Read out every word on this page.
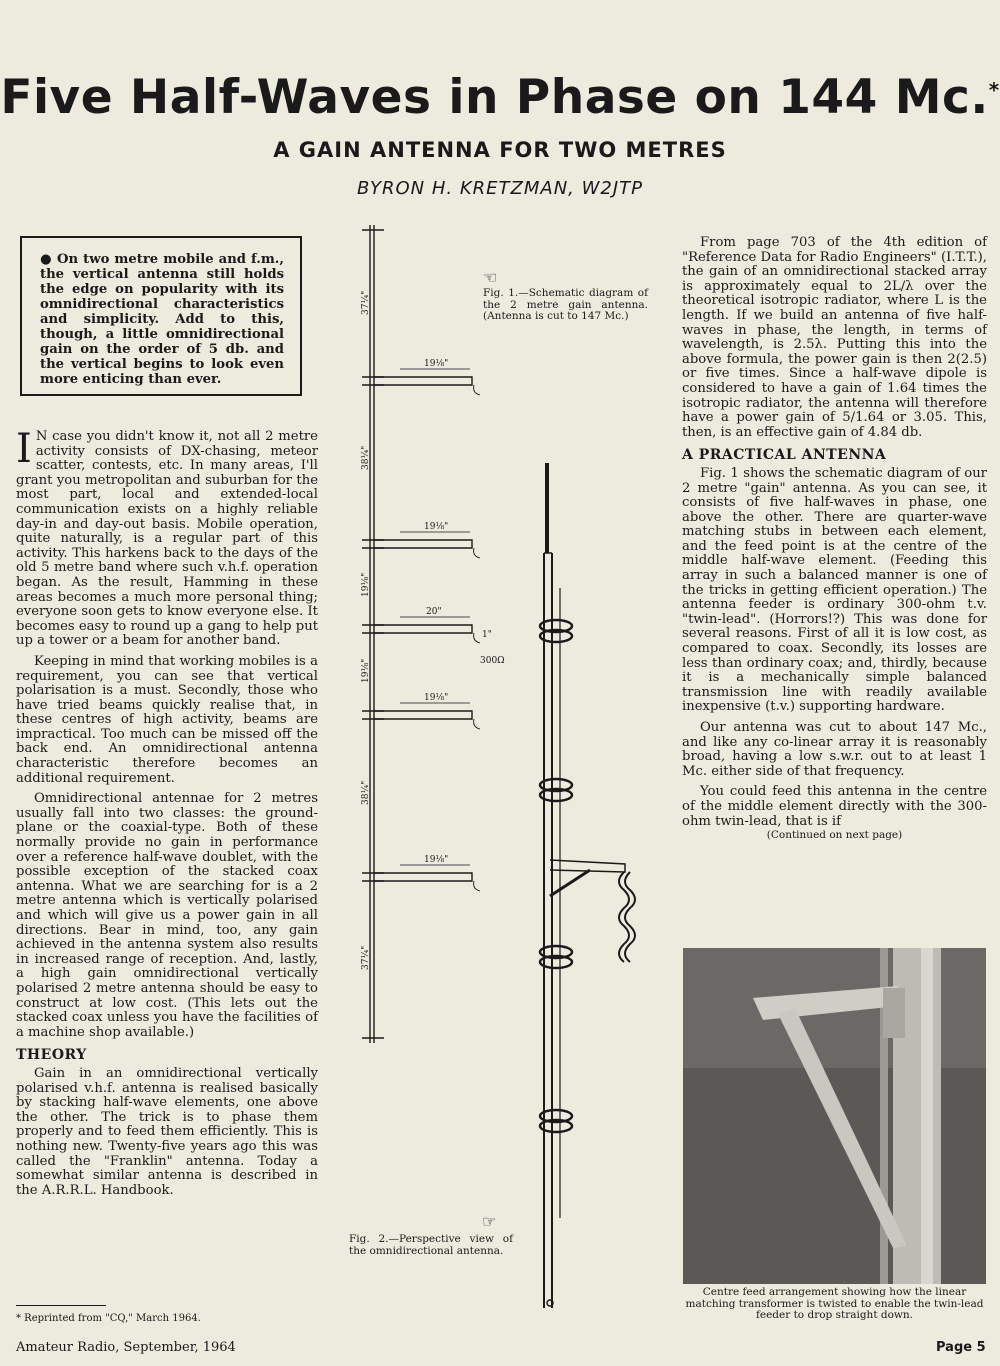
Five Half-Waves in Phase on 144 Mc.*
A GAIN ANTENNA FOR TWO METRES
BYRON H. KRETZMAN, W2JTP
● On two metre mobile and f.m., the vertical antenna still holds the edge on popularity with its omnidirectional characteristics and simplicity. Add to this, though, a little omnidirectional gain on the order of 5 db. and the vertical begins to look even more enticing than ever.

I N case you didn't know it, not all 2 metre activity consists of DX-chasing, meteor scatter, contests, etc. In many areas, I'll grant you metropolitan and suburban for the most part, local and extended-local communication exists on a highly reliable day-in and day-out basis. Mobile operation, quite naturally, is a regular part of this activity. This harkens back to the days of the old 5 metre band where such v.h.f. operation began. As the result, Hamming in these areas becomes a much more personal thing; everyone soon gets to know everyone else. It becomes easy to round up a gang to help put up a tower or a beam for another band.

Keeping in mind that working mobiles is a requirement, you can see that vertical polarisation is a must. Secondly, those who have tried beams quickly realise that, in these centres of high activity, beams are impractical. Too much can be missed off the back end. An omnidirectional antenna characteristic therefore becomes an additional requirement.

Omnidirectional antennae for 2 metres usually fall into two classes: the ground-plane or the coaxial-type. Both of these normally provide no gain in performance over a reference half-wave doublet, with the possible exception of the stacked coax antenna. What we are searching for is a 2 metre antenna which is vertically polarised and which will give us a power gain in all directions. Bear in mind, too, any gain achieved in the antenna system also results in increased range of reception. And, lastly, a high gain omnidirectional vertically polarised 2 metre antenna should be easy to construct at low cost. (This lets out the stacked coax unless you have the facilities of a machine shop available.)

THEORY

Gain in an omnidirectional vertically polarised v.h.f. antenna is realised basically by stacking half-wave elements, one above the other. The trick is to phase them properly and to feed them efficiently. This is nothing new. Twenty-five years ago this was called the "Franklin" antenna. Today a somewhat similar antenna is described in the A.R.R.L. Handbook.

* Reprinted from "CQ," March 1964.
37¼"
38¼"
19⅛"
19⅛"
38¼"
37¼"
19⅛"
19⅛"
20"
19⅛"
19⅛"
1"
300Ω
☜
Fig. 1.—Schematic diagram of the 2 metre gain antenna. (Antenna is cut to 147 Mc.)
☞
Fig. 2.—Perspective view of the omnidirectional antenna.

From page 703 of the 4th edition of "Reference Data for Radio Engineers" (I.T.T.), the gain of an omnidirectional stacked array is approximately equal to 2L/λ over the theoretical isotropic radiator, where L is the length. If we build an antenna of five half-waves in phase, the length, in terms of wavelength, is 2.5λ. Putting this into the above formula, the power gain is then 2(2.5) or five times. Since a half-wave dipole is considered to have a gain of 1.64 times the isotropic radiator, the antenna will therefore have a power gain of 5/1.64 or 3.05. This, then, is an effective gain of 4.84 db.

A PRACTICAL ANTENNA

Fig. 1 shows the schematic diagram of our 2 metre "gain" antenna. As you can see, it consists of five half-waves in phase, one above the other. There are quarter-wave matching stubs in between each element, and the feed point is at the centre of the middle half-wave element. (Feeding this array in such a balanced manner is one of the tricks in getting efficient operation.) The antenna feeder is ordinary 300-ohm t.v. "twin-lead". (Horrors!?) This was done for several reasons. First of all it is low cost, as compared to coax. Secondly, its losses are less than ordinary coax; and, thirdly, because it is a mechanically simple balanced transmission line with readily available inexpensive (t.v.) supporting hardware.

Our antenna was cut to about 147 Mc., and like any co-linear array it is reasonably broad, having a low s.w.r. out to at least 1 Mc. either side of that frequency.

You could feed this antenna in the centre of the middle element directly with the 300-ohm twin-lead, that is if

(Continued on next page)
Centre feed arrangement showing how the linear matching transformer is twisted to enable the twin-lead feeder to drop straight down.
Amateur Radio, September, 1964	Page 5
